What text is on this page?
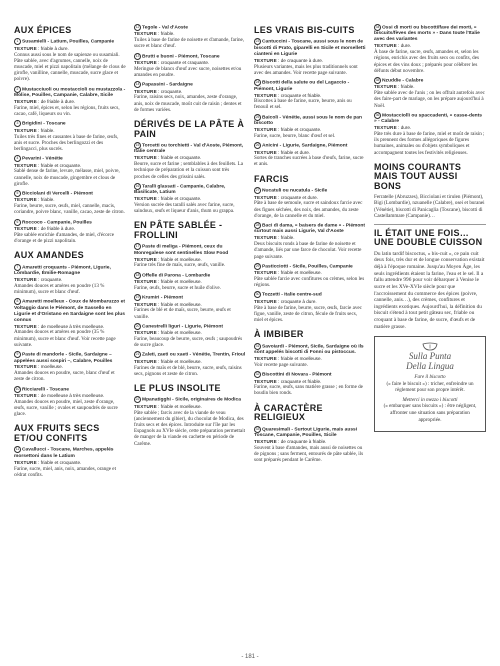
AUX ÉPICES
1 Susamielli - Latium, Pouilles, Campanie
TEXTURE : friable à dure.
Connus aussi sous le nom de sapienze ou susamiali. Pâte sablée, avec d'agrumes, cannelle, noix de muscade, miel et pizzi napolitain (mélange de clous de girofle, vanilline, cannelle, muscade, sucre glace et poivre).
2 Mustacciuoli ou mostaccioli ou mustazzola - Molise, Pouilles, Campanie, Calabre, Sicile
TEXTURE : de friable à dure.
Farine, miel, épices et, selon les régions, fruits secs, cacao, café, liqueurs ou vin.
3 Brigidini - Toscane
TEXTURE : friable.
Tuiles très fines et cassantes à base de farine, œufs, anis et sucre. Proches des berlingozzi et des berlingacci, plus sucrés.
4 Pevarini - Vénétie
TEXTURE : friable et croquante.
Sablé dense de farine, levure, mélasse, miel, poivre, cannelle, noix de muscade, gingembre et clous de girofle.
5 Bicciolani di Vercelli - Piémont
TEXTURE : friable.
Farine, beurre, sucre, œufs, miel, cannelle, macis, coriandre, poivre blanc, vanille, cacao, zeste de citron.
6 Roccoco - Campanie, Pouilles
TEXTURE : de friable à dure.
Pâte sablée enrichie d'amandes, de miel, d'écorce d'orange et de pizzi napolitain.
AUX AMANDES
7 Amaretti croquants - Piémont, Ligurie, Lombardie, Émilie-Romagne
TEXTURE : croquante.
Amandes douces et amères en poudre (13 % minimum), sucre et blanc d'œuf.
8 Amaretti moelleux - Coux de Mombaruzzo et Voltaggio dans le Piémont, de Sassello en Ligurie et d'Oristano en Sardaigne sont les plus connus
TEXTURE : de moelleuse à très moelleuse.
Amandes douces et amères en poudre (35 % minimum), sucre et blanc d'œuf. Voir recette page suivante.
9 Paste di mandorle - Sicile, Sardaigne – appelées aussi sospiri –, Calabre, Pouilles
TEXTURE : moelleuse.
Amandes douces en poudre, sucre, blanc d'œuf et zeste de citron.
10 Ricciarelli - Toscane
TEXTURE : de moelleuse à très moelleuse.
Amandes douces en poudre, miel, zeste d'orange, œufs, sucre, vanille ; ovales et saupoudrés de sucre glace.
AUX FRUITS SECS ET/OU CONFITS
11 Cavallucci - Toscane, Marches, appelés morsettoni dans le Latium
TEXTURE : friable et croquante.
Farine, sucre, miel, anis, noix, amandes, orange et cédrat confits.
12 Tegole - Val d'Aoste
TEXTURE : friable.
Tuiles à base de farine de noisette et d'amande, farine, sucre et blanc d'œuf.
13 Brutti e buoni - Piémont, Toscane
TEXTURE : croquante et craquante.
Meringue de blancs d'œuf avec sucre, noisettes et/ou amandes en poudre.
14 Papassini - Sardaigne
TEXTURE : croquante.
Farine, raisins secs, noix, amandes, zeste d'orange, anis, noix de muscade, moût cuit de raisin ; dentes et de formes variées.
DÉRIVÉS DE LA PÂTE À PAIN
15 Torcetti ou torchietti - Val d'Aoste, Piémont, Italie centrale
TEXTURE : friable et croquante.
Beurre, sucre et farine ; semblables à des feuillets. La technique de préparation et la cuisson sont très proches de celles des grissini salés.
16 Taralli glassati - Campanie, Calabre, Basilicate, Latium
TEXTURE : friable et croquante.
Version sucrée des taralli salés avec farine, sucre, saindoux, œufs et liqueur d'anis, thum ou grappa.
EN PÂTE SABLÉE - FROLLINI
17 Paste di meliga - Piémont, ceux du Monregalese sont sentinelles Slow Food
TEXTURE : friable et moelleuse.
Farine très fine de maïs, sucre, œufs, vanille.
18 Offelle di Parona - Lombardie
TEXTURE : friable et moelleuse.
Farine, œufs, beurre, sucre et huile d'olive.
19 Krumiri - Piémont
TEXTURE : friable et moelleuse.
Farines de blé et de maïs, sucre, beurre, œufs et vanille.
20 Canestrelli liguri - Ligurie, Piémont
TEXTURE : friable et moelleuse.
Farine, beaucoup de beurre, sucre, œufs ; saupoudrés de sucre glace.
21 Zaleti, zaeti ou xaeti - Vénétie, Trentin, Frioul
TEXTURE : friable et moelleuse.
Farines de maïs et de blé, beurre, sucre, œufs, raisins secs, pignons et zeste de citron.
LE PLUS INSOLITE
22 Mpanatigghi - Sicile, originaires de Modica
TEXTURE : friable et moelleuse.
Pâte sablée ; farcis avec de la viande de veau (anciennement du gibier), du chocolat de Modica, des fruits secs et des épices. Introduite sur l'île par les Espagnols au XVIe siècle, cette préparation permettait de manger de la viande en cachette en période de Carême.
LES VRAIS BIS-CUITS
23 Cantuccini - Toscane, aussi sous le nom de biscotti di Prato, giparelli en Sicile et morselletti cianteni en Ligurie
TEXTURE : de craquante à dure.
Plusieurs variantes, mais les plus traditionnels sont avec des amandes. Voir recette page suivante.
24 Biscotti della salute ou del Lagaccio - Piémont, Ligurie
TEXTURE : croquante et friable.
Biscottes à base de farine, sucre, beurre, anis ou fenouil et sel.
25 Baicoli - Vénétie, aussi sous le nom de pan biscotto
TEXTURE : friable et croquante.
Farine, sucre, beurre, blanc d'œuf et sel.
26 Anicini - Ligurie, Sardaigne, Piémont
TEXTURE : friable et dure.
Sortes de tranches sucrées à base d'œufs, farine, sucre et anis.
FARCIS
27 Nucatuli ou nucatula - Sicile
TEXTURE : croquante et dure.
Pâte à base de semoule, sucre et saindoux farcie avec des figues séchées, des noix, des amandes, du zeste d'orange, de la cannelle et du miel.
28 Baci di dama, « baisers de dame » - Piémont surtout mais aussi Ligurie, Val d'Aoste
TEXTURE : friable.
Deux biscuits ronds à base de farine de noisette et d'amande, liés par une farce de chocolat. Voir recette page suivante.
29 Pasticciotti - Sicile, Pouilles, Campanie
TEXTURE : friable et moelleuse.
Pâte sablée farcie avec confitures ou crèmes, selon les régions.
30 Tozzetti - Italie centre-sud
TEXTURE : croquante à dure.
Pâte à base de farine, beurre, sucre, œufs, farcie avec figue, vanille, zeste de citron, fécule de fruits secs, miel et épices.
À IMBIBER
31 Savoiardi - Piémont, Sicile, Sardaigne où ils sont appelés biscotti di Fonni ou pistoccus.
TEXTURE : friable et moelleuse.
Voir recette page suivante.
32 Biscottini di Novara - Piémont
TEXTURE : craquante et friable.
Farine, sucre, œufs, sans matière grasse ; en forme de boudin bien ronds.
À CARACTÈRE RELIGIEUX
33 Quaresimali - Surtout Ligurie, mais aussi Toscane, Campanie, Pouilles, Sicile
TEXTURE : de craquante à friable.
Souvent à base d'amandes, mais aussi de noisettes ou de pignons ; sans ferment, entourés de pâte sablée, ils sont préparés pendant le Carême.
34 Ossi di morti ou biscotti/fave dei morti, « biscuits/fèves des morts » - Dans toute l'Italie avec des variantes
TEXTURE : dure.
À base de farine, sucre, œufs, amandes et, selon les régions, enrichis avec des fruits secs ou confits, des épices et des vins doux ; préparés pour célébrer les défunts début novembre.
35 Nzuddie - Calabre
TEXTURE : friable.
Pâte sablée avec de l'anis ; on les offrait autrefois avec des faire-part de mariage, on les prépare aujourd'hui à Noël.
36 Mostacciolli ou spaccadenti, « casse-dents » - Calabre
TEXTURE : dure.
Pâte très dure à base de farine, miel et moût de raisin ; ils prennent des formes allégoriques de figures humaines, animales ou d'objets symboliques et accompagnent toutes les festivités religieuses.
MOINS COURANTS MAIS TOUT AUSSI BONS
Ferratelle (Abruzzes), Bicciolani et tirulen (Piémont), Bigi (Lombardie), nzuanelle (Calabre), osei et buranei (Vénétie), biscotti di Panicaglia (Toscane), biscotti di Castellammare (Campanie)…
IL ÉTAIT UNE FOIS… UNE DOUBLE CUISSON

Du latin tardif biscoctus, « bis-cuit », ce pain cuit deux fois, très dur et de longue conservation existait déjà à l'époque romaine. Jusqu'au Moyen Âge, les seuls ingrédients étaient la farine, l'eau et le sel. Il a fallu attendre 996 pour voir débarquer à Venise le sucre et les XVe-XVIe siècle pour que l'accroissement du commerce des épices (poivre, cannelle, anis…), des crèmes, confitures et ingrédients exotiques. Aujourd'hui, la définition du biscuit s'étend à tout petit gâteau sec, friable ou croquant à base de farine, de sucre, d'œufs et de matière grasse.

Sulla Punta
Della Lingua

Fare il biscotto
(« faire le biscuit ») : tricher, enfreindre un règlement pour son propre intérêt.

Metterci in mezzo i biscotti
(« embarquer sans biscuits ») : être négligent, affronter une situation sans préparation appropriée.

- 181 -
